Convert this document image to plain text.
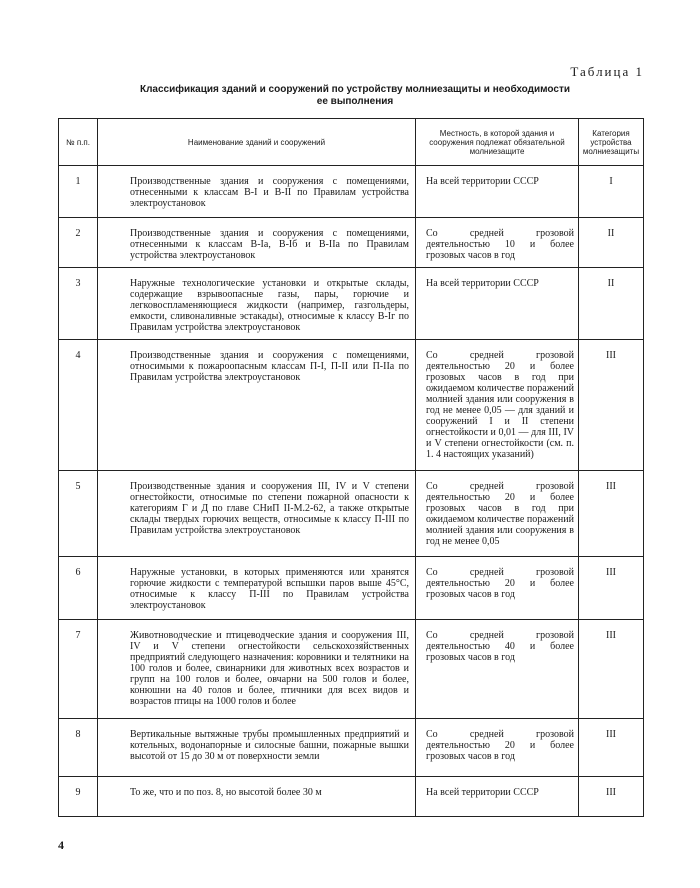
Таблица 1
Классификация зданий и сооружений по устройству молниезащиты и необходимости
ее выполнения
№ п.п.	Наименование зданий и сооружений	Местность, в которой здания и сооружения подлежат обязательной молниезащите	Категория устройства молниезащиты
1	Производственные здания и сооружения с помещениями, отнесенными к классам В-I и В-II по Правилам устройства электроустановок	На всей территории СССР	I
2	Производственные здания и сооружения с помещениями, отнесенными к классам В-Iа, В-Iб и В-IIа по Правилам устройства электроустановок	Со средней грозовой деятельностью 10 и более грозовых часов в год	II
3	Наружные технологические установки и открытые склады, содержащие взрывоопасные газы, пары, горючие и легковоспламеняющиеся жидкости (например, газгольдеры, емкости, сливоналивные эстакады), относимые к классу В-Iг по Правилам устройства электроустановок	На всей территории СССР	II
4	Производственные здания и сооружения с помещениями, относимыми к пожароопасным классам П-I, П-II или П-IIа по Правилам устройства электроустановок	Со средней грозовой деятельностью 20 и более грозовых часов в год при ожидаемом количестве поражений молнией здания или сооружения в год не менее 0,05 — для зданий и сооружений I и II степени огнестойкости и 0,01 — для III, IV и V степени огнестойкости (см. п. 1. 4 настоящих указаний)	III
5	Производственные здания и сооружения III, IV и V степени огнестойкости, относимые по степени пожарной опасности к категориям Г и Д по главе СНиП II-М.2-62, а также открытые склады твердых горючих веществ, относимые к классу П-III по Правилам устройства электроустановок	Со средней грозовой деятельностью 20 и более грозовых часов в год при ожидаемом количестве поражений молнией здания или сооружения в год не менее 0,05	III
6	Наружные установки, в которых применяются или хранятся горючие жидкости с температурой вспышки паров выше 45°C, относимые к классу П-III по Правилам устройства электроустановок	Со средней грозовой деятельностью 20 и более грозовых часов в год	III
7	Животноводческие и птицеводческие здания и сооружения III, IV и V степени огнестойкости сельскохозяйственных предприятий следующего назначения: коровники и телятники на 100 голов и более, свинарники для животных всех возрастов и групп на 100 голов и более, овчарни на 500 голов и более, конюшни на 40 голов и более, птичники для всех видов и возрастов птицы на 1000 голов и более	Со средней грозовой деятельностью 40 и более грозовых часов в год	III
8	Вертикальные вытяжные трубы промышленных предприятий и котельных, водонапорные и силосные башни, пожарные вышки высотой от 15 до 30 м от поверхности земли	Со средней грозовой деятельностью 20 и более грозовых часов в год	III
9	То же, что и по поз. 8, но высотой более 30 м	На всей территории СССР	III
4
